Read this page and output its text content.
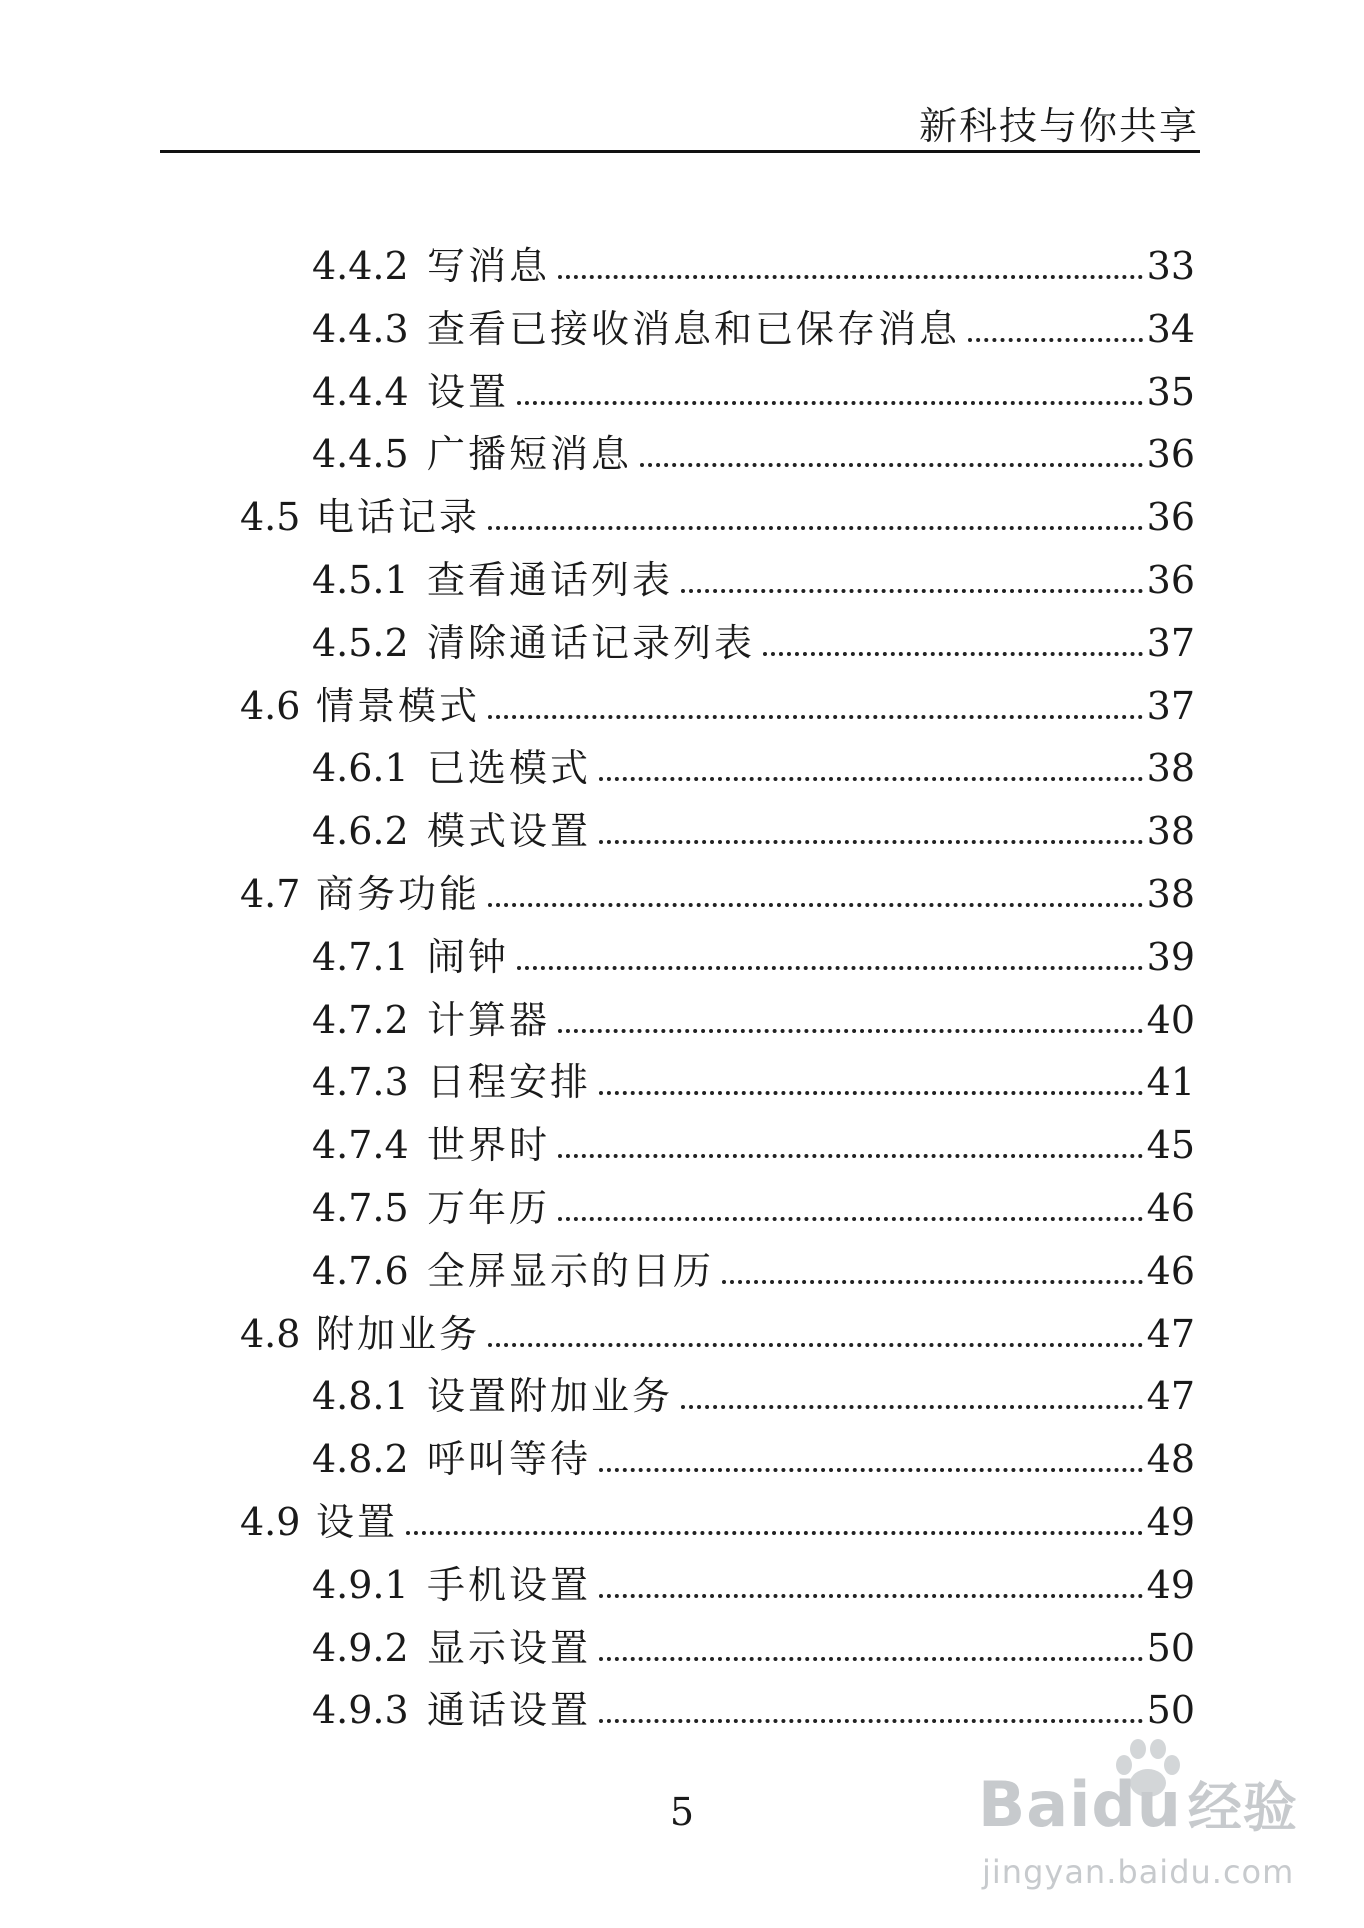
新科技与你共享
4.4.2 写消息	33
4.4.3 查看已接收消息和已保存消息	34
4.4.4 设置	35
4.4.5 广播短消息	36
4.5 电话记录	36
4.5.1 查看通话列表	36
4.5.2 清除通话记录列表	37
4.6 情景模式	37
4.6.1 已选模式	38
4.6.2 模式设置	38
4.7 商务功能	38
4.7.1 闹钟	39
4.7.2 计算器	40
4.7.3 日程安排	41
4.7.4 世界时	45
4.7.5 万年历	46
4.7.6 全屏显示的日历	46
4.8 附加业务	47
4.8.1 设置附加业务	47
4.8.2 呼叫等待	48
4.9 设置	49
4.9.1 手机设置	49
4.9.2 显示设置	50
4.9.3 通话设置	50
5	Baidu 经验
jingyan.baidu.com
